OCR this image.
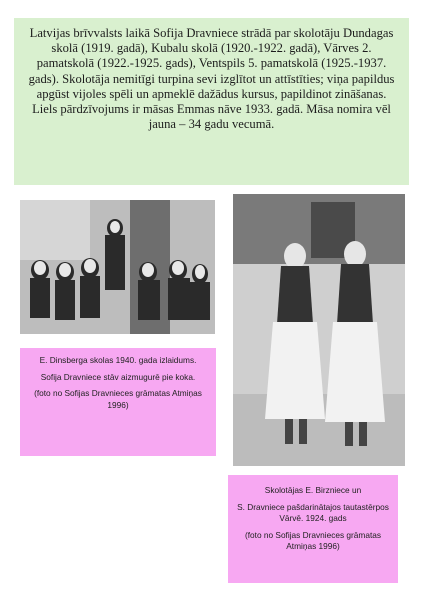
Latvijas brīvvalsts laikā Sofija Dravniece strādā par skolotāju Dundagas skolā (1919. gadā), Kubalu skolā (1920.-1922. gadā), Vārves 2. pamatskolā (1922.-1925. gads), Ventspils 5. pamatskolā (1925.-1937. gads). Skolotāja nemitīgi turpina sevi izglītot un attīstīties; viņa papildus apgūst vijoles spēli un apmeklē dažādus kursus, papildinot zināšanas.

Liels pārdzīvojums ir māsas Emmas nāve 1933. gadā. Māsa nomira vēl jauna – 34 gadu vecumā.

E. Dinsberga skolas 1940. gada izlaidums.

Sofija Dravniece stāv aizmugurē pie koka.

(foto no Sofijas Dravnieces grāmatas Atmiņas 1996)

Skolotājas E. Birzniece un

S. Dravniece pašdarinātajos tautastērpos Vārvē. 1924. gads

(foto no Sofijas Dravnieces grāmatas Atmiņas 1996)
